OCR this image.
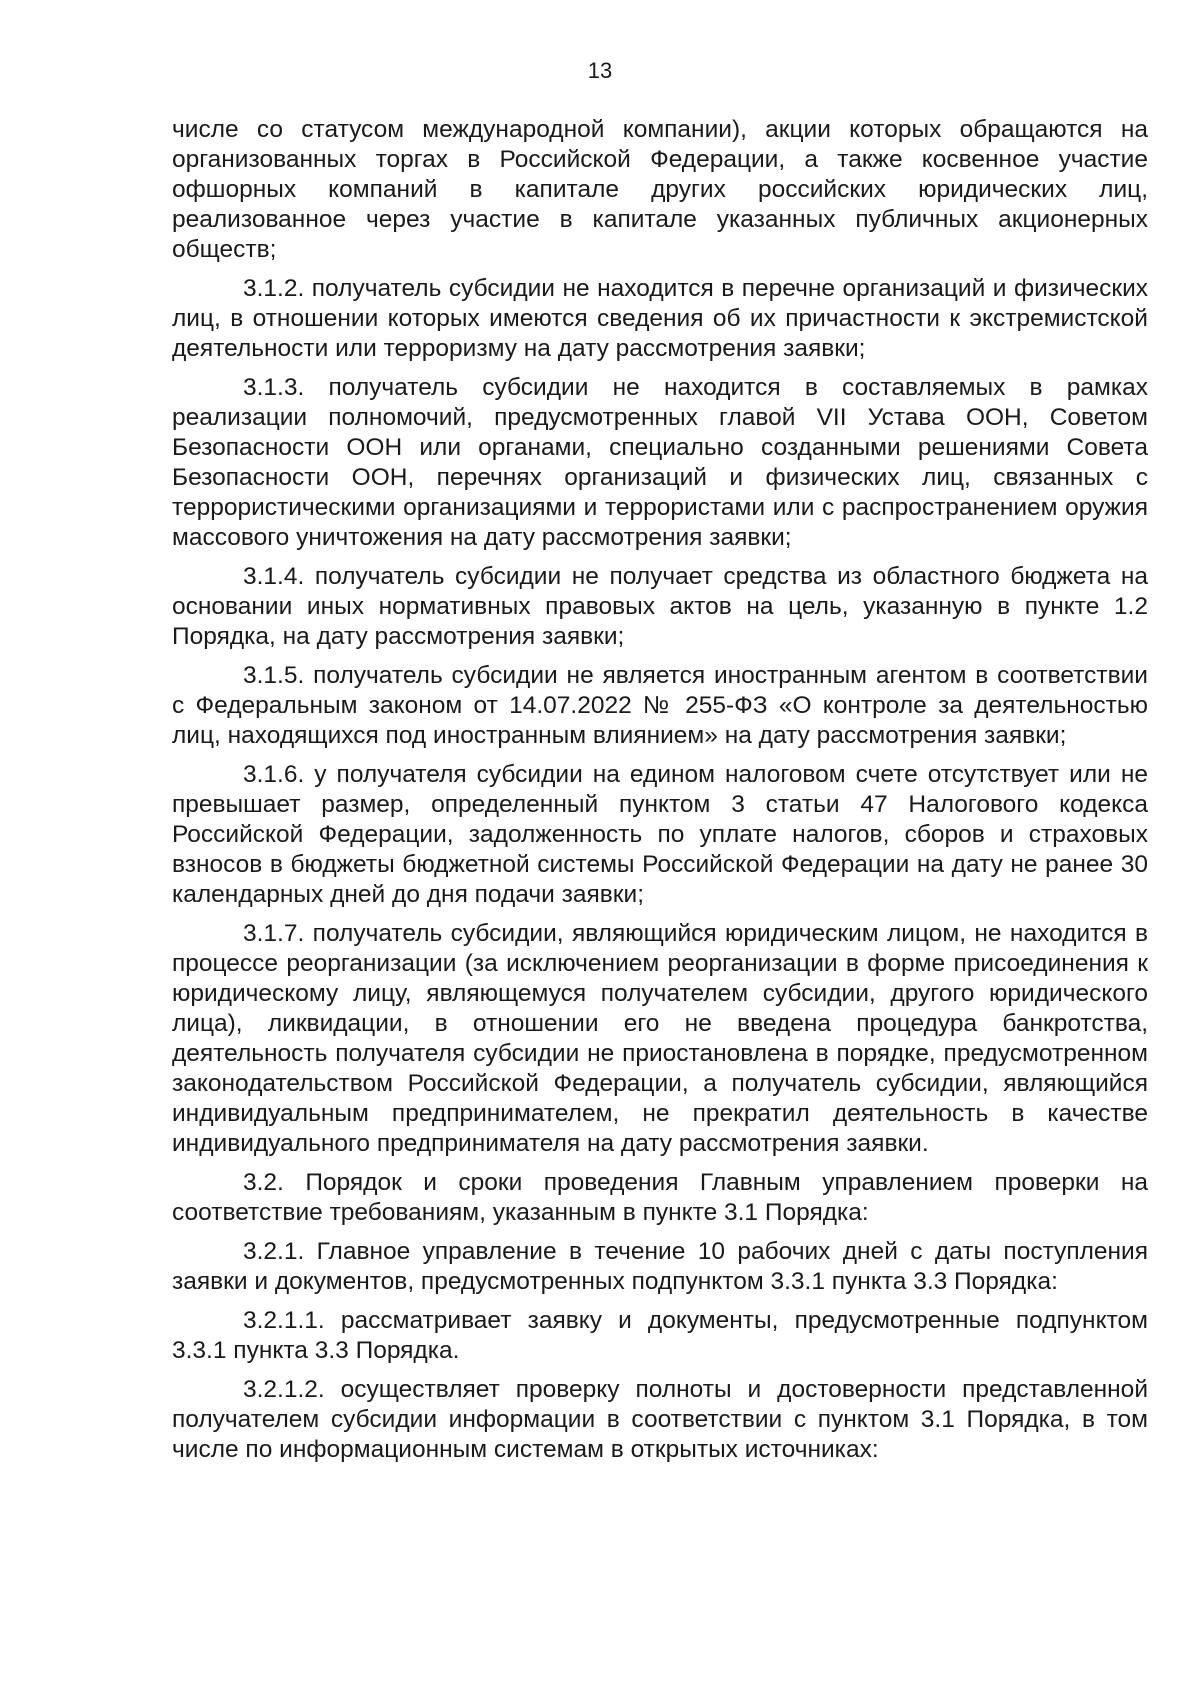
13

числе со статусом международной компании), акции которых обращаются на организованных торгах в Российской Федерации, а также косвенное участие офшорных компаний в капитале других российских юридических лиц, реализованное через участие в капитале указанных публичных акционерных обществ;

3.1.2. получатель субсидии не находится в перечне организаций и физических лиц, в отношении которых имеются сведения об их причастности к экстремистской деятельности или терроризму на дату рассмотрения заявки;

3.1.3. получатель субсидии не находится в составляемых в рамках реализации полномочий, предусмотренных главой VII Устава ООН, Советом Безопасности ООН или органами, специально созданными решениями Совета Безопасности ООН, перечнях организаций и физических лиц, связанных с террористическими организациями и террористами или с распространением оружия массового уничтожения на дату рассмотрения заявки;

3.1.4. получатель субсидии не получает средства из областного бюджета на основании иных нормативных правовых актов на цель, указанную в пункте 1.2 Порядка, на дату рассмотрения заявки;

3.1.5. получатель субсидии не является иностранным агентом в соответствии с Федеральным законом от 14.07.2022 № 255-ФЗ «О контроле за деятельностью лиц, находящихся под иностранным влиянием» на дату рассмотрения заявки;

3.1.6. у получателя субсидии на едином налоговом счете отсутствует или не превышает размер, определенный пунктом 3 статьи 47 Налогового кодекса Российской Федерации, задолженность по уплате налогов, сборов и страховых взносов в бюджеты бюджетной системы Российской Федерации на дату не ранее 30 календарных дней до дня подачи заявки;

3.1.7. получатель субсидии, являющийся юридическим лицом, не находится в процессе реорганизации (за исключением реорганизации в форме присоединения к юридическому лицу, являющемуся получателем субсидии, другого юридического лица), ликвидации, в отношении его не введена процедура банкротства, деятельность получателя субсидии не приостановлена в порядке, предусмотренном законодательством Российской Федерации, а получатель субсидии, являющийся индивидуальным предпринимателем, не прекратил деятельность в качестве индивидуального предпринимателя на дату рассмотрения заявки.

3.2. Порядок и сроки проведения Главным управлением проверки на соответствие требованиям, указанным в пункте 3.1 Порядка:

3.2.1. Главное управление в течение 10 рабочих дней с даты поступления заявки и документов, предусмотренных подпунктом 3.3.1 пункта 3.3 Порядка:

3.2.1.1. рассматривает заявку и документы, предусмотренные подпунктом 3.3.1 пункта 3.3 Порядка.

3.2.1.2. осуществляет проверку полноты и достоверности представленной получателем субсидии информации в соответствии с пунктом 3.1 Порядка, в том числе по информационным системам в открытых источниках:
